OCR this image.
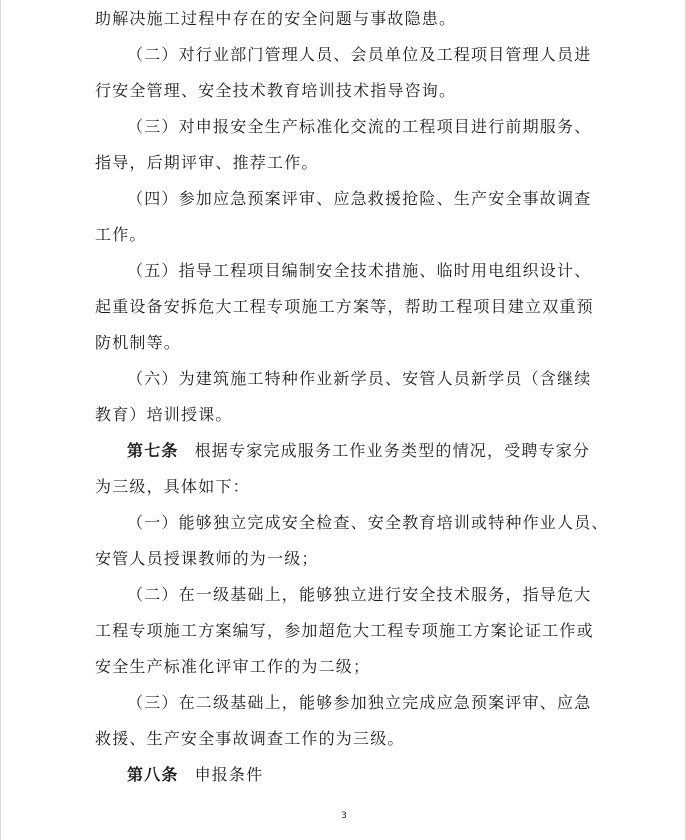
助解决施工过程中存在的安全问题与事故隐患。
（二）对行业部门管理人员、会员单位及工程项目管理人员进
行安全管理、安全技术教育培训技术指导咨询。
（三）对申报安全生产标准化交流的工程项目进行前期服务、
指导，后期评审、推荐工作。
（四）参加应急预案评审、应急救援抢险、生产安全事故调查
工作。
（五）指导工程项目编制安全技术措施、临时用电组织设计、
起重设备安拆危大工程专项施工方案等，帮助工程项目建立双重预
防机制等。
（六）为建筑施工特种作业新学员、安管人员新学员（含继续
教育）培训授课。
第七条 根据专家完成服务工作业务类型的情况，受聘专家分
为三级，具体如下：
（一）能够独立完成安全检查、安全教育培训或特种作业人员、
安管人员授课教师的为一级；
（二）在一级基础上，能够独立进行安全技术服务，指导危大
工程专项施工方案编写，参加超危大工程专项施工方案论证工作或
安全生产标准化评审工作的为二级；
（三）在二级基础上，能够参加独立完成应急预案评审、应急
救援、生产安全事故调查工作的为三级。
第八条 申报条件
3
